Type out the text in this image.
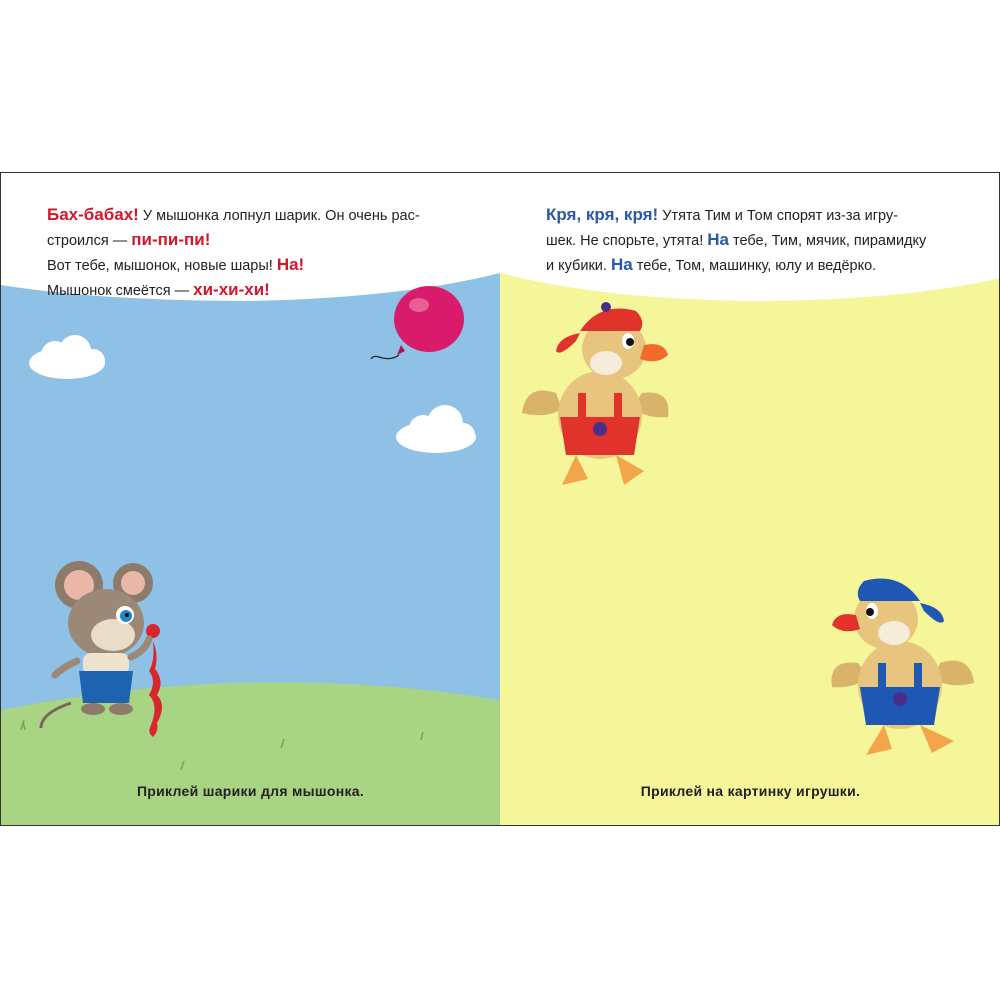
Бах-бабах! У мышонка лопнул шарик. Он очень рас-
строился — пи-пи-пи!
Вот тебе, мышонок, новые шары! На!
Мышонок смеётся — хи-хи-хи!
Приклей шарики для мышонка.
Кря, кря, кря! Утята Тим и Том спорят из-за игру-
шек. Не спорьте, утята! На тебе, Тим, мячик, пирамидку
и кубики. На тебе, Том, машинку, юлу и ведёрко.
Приклей на картинку игрушки.
